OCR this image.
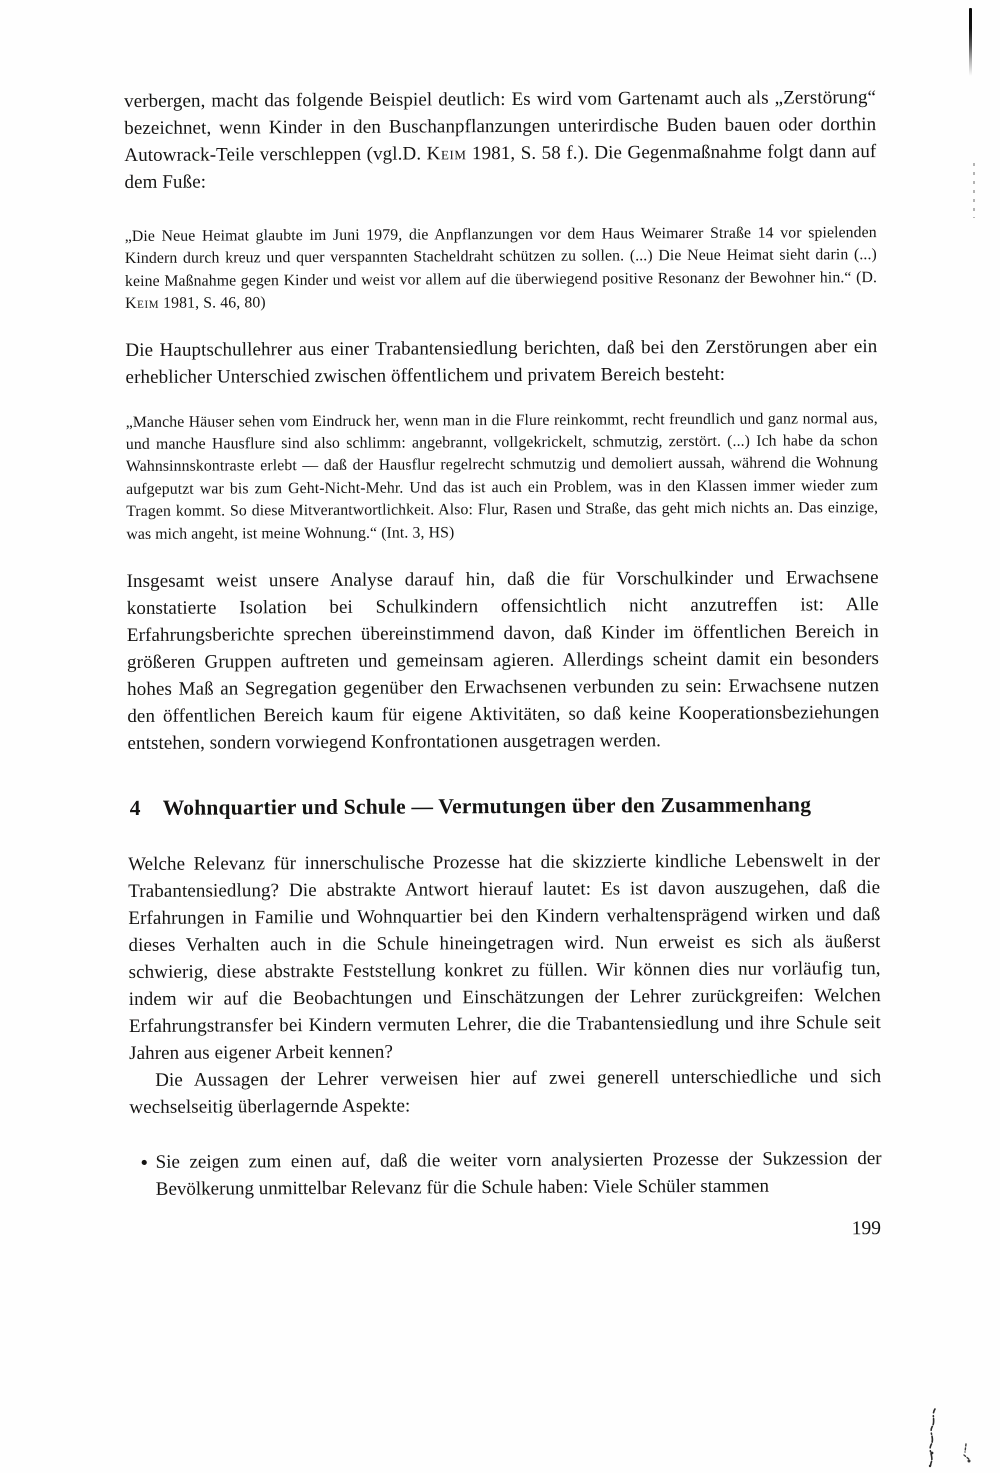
verbergen, macht das folgende Beispiel deutlich: Es wird vom Gartenamt auch als „Zerstörung“ bezeichnet, wenn Kinder in den Buschanpflanzungen unterirdische Buden bauen oder dorthin Autowrack-Teile verschleppen (vgl.D. Keim 1981, S. 58 f.). Die Gegenmaßnahme folgt dann auf dem Fuße:

„Die Neue Heimat glaubte im Juni 1979, die Anpflanzungen vor dem Haus Weimarer Straße 14 vor spielenden Kindern durch kreuz und quer verspannten Stacheldraht schützen zu sollen. (...) Die Neue Heimat sieht darin (...) keine Maßnahme gegen Kinder und weist vor allem auf die überwiegend positive Resonanz der Bewohner hin.“ (D. Keim 1981, S. 46, 80)

Die Hauptschullehrer aus einer Trabantensiedlung berichten, daß bei den Zerstörungen aber ein erheblicher Unterschied zwischen öffentlichem und privatem Bereich besteht:

„Manche Häuser sehen vom Eindruck her, wenn man in die Flure reinkommt, recht freundlich und ganz normal aus, und manche Hausflure sind also schlimm: angebrannt, vollgekrickelt, schmutzig, zerstört. (...) Ich habe da schon Wahnsinnskontraste erlebt — daß der Hausflur regelrecht schmutzig und demoliert aussah, während die Wohnung aufgeputzt war bis zum Geht-Nicht-Mehr. Und das ist auch ein Problem, was in den Klassen immer wieder zum Tragen kommt. So diese Mitverantwortlichkeit. Also: Flur, Rasen und Straße, das geht mich nichts an. Das einzige, was mich angeht, ist meine Wohnung.“ (Int. 3, HS)

Insgesamt weist unsere Analyse darauf hin, daß die für Vorschulkinder und Erwachsene konstatierte Isolation bei Schulkindern offensichtlich nicht anzutreffen ist: Alle Erfahrungsberichte sprechen übereinstimmend davon, daß Kinder im öffentlichen Bereich in größeren Gruppen auftreten und gemeinsam agieren. Allerdings scheint damit ein besonders hohes Maß an Segregation gegenüber den Erwachsenen verbunden zu sein: Erwachsene nutzen den öffentlichen Bereich kaum für eigene Aktivitäten, so daß keine Kooperationsbeziehungen entstehen, sondern vorwiegend Konfrontationen ausgetragen werden.

4 Wohnquartier und Schule — Vermutungen über den Zusammenhang

Welche Relevanz für innerschulische Prozesse hat die skizzierte kindliche Lebenswelt in der Trabantensiedlung? Die abstrakte Antwort hierauf lautet: Es ist davon auszugehen, daß die Erfahrungen in Familie und Wohnquartier bei den Kindern verhaltensprägend wirken und daß dieses Verhalten auch in die Schule hineingetragen wird. Nun erweist es sich als äußerst schwierig, diese abstrakte Feststellung konkret zu füllen. Wir können dies nur vorläufig tun, indem wir auf die Beobachtungen und Einschätzungen der Lehrer zurückgreifen: Welchen Erfahrungstransfer bei Kindern vermuten Lehrer, die die Trabantensiedlung und ihre Schule seit Jahren aus eigener Arbeit kennen?

Die Aussagen der Lehrer verweisen hier auf zwei generell unterschiedliche und sich wechselseitig überlagernde Aspekte:

● Sie zeigen zum einen auf, daß die weiter vorn analysierten Prozesse der Sukzession der Bevölkerung unmittelbar Relevanz für die Schule haben: Viele Schüler stammen

199
